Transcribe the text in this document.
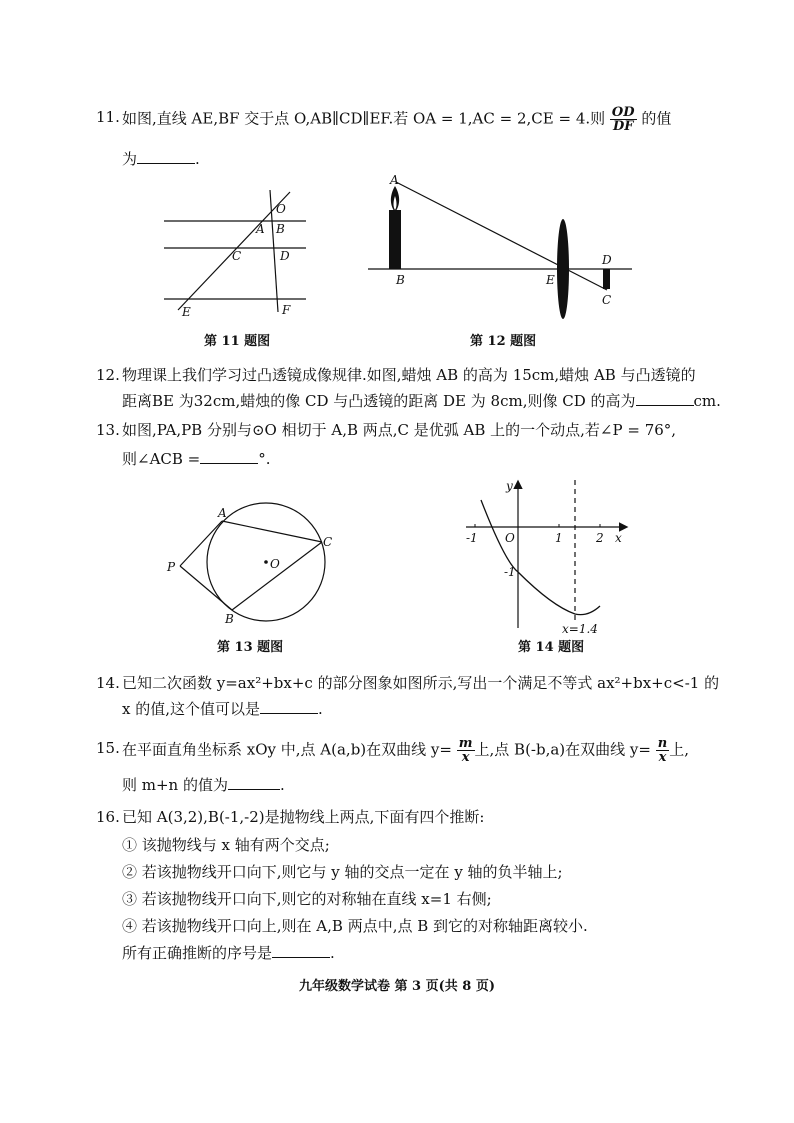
11. 如图,直线 AE,BF 交于点 O,AB∥CD∥EF.若 OA = 1,AC = 2,CE = 4.则 $\frac{OD}{DF}$ 的值
为	.
O
A B
C	D
E	F
第 11 题图
A
B	E
D
C
第 12 题图
12. 物理课上我们学习过凸透镜成像规律.如图,蜡烛 AB 的高为 15cm,蜡烛 AB 与凸透镜的
距离BE 为32cm,蜡烛的像 CD 与凸透镜的距离 DE 为 8cm,则像 CD 的高为	cm.
13. 如图,PA,PB 分别与⊙O 相切于 A,B 两点,C 是优弧 AB 上的一个动点,若∠P = 76°,
则∠ACB =	°.
A
C
P	O
B
第 13 题图
y
-1 O	1	2 x
-1
x=1.4
第 14 题图
14. 已知二次函数 y=ax²+bx+c 的部分图象如图所示,写出一个满足不等式 ax²+bx+c<-1 的
x 的值,这个值可以是	.
15. 在平面直角坐标系 xOy 中,点 A(a,b)在双曲线 $y= \frac{m}{x}$ 上,点 B(-b,a)在双曲线 $y= \frac{n}{x}$ 上,
则 m+n 的值为	.
16. 已知 A(3,2),B(-1,-2)是抛物线上两点,下面有四个推断:
① 该抛物线与 x 轴有两个交点;
② 若该抛物线开口向下,则它与 y 轴的交点一定在 y 轴的负半轴上;
③ 若该抛物线开口向下,则它的对称轴在直线 x=1 右侧;
④ 若该抛物线开口向上,则在 A,B 两点中,点 B 到它的对称轴距离较小.
所有正确推断的序号是	.
九年级数学试卷 第 3 页(共 8 页)
